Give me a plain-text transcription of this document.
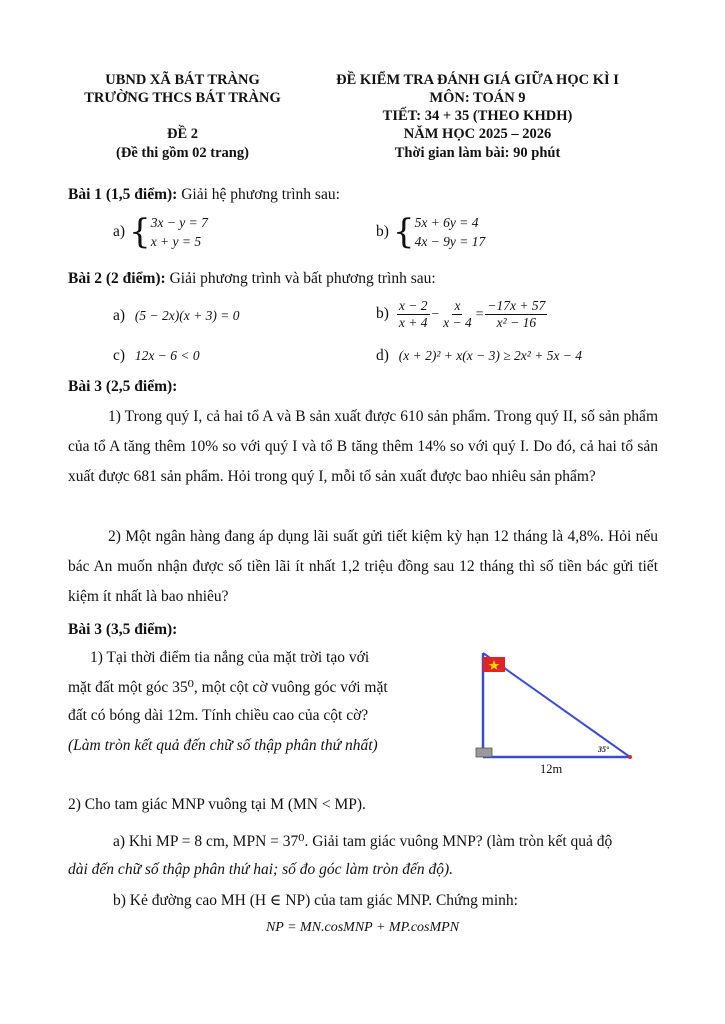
UBND XÃ BÁT TRÀNG
TRƯỜNG THCS BÁT TRÀNG
ĐỀ 2
(Đề thi gồm 02 trang)
ĐỀ KIỂM TRA ĐÁNH GIÁ GIỮA HỌC KÌ I
MÔN: TOÁN 9
TIẾT: 34 + 35 (THEO KHDH)
NĂM HỌC 2025 – 2026
Thời gian làm bài: 90 phút
Bài 1 (1,5 điểm): Giải hệ phương trình sau:
a) { 3x − y = 7
x + y = 5
b) { 5x + 6y = 4
4x − 9y = 17
Bài 2 (2 điểm): Giải phương trình và bất phương trình sau:
a) (5 − 2x)(x + 3) = 0	$b) \frac{x - 2}{x + 4} - \frac{x}{x - 4} = \frac{-17x + 57}{\text{x² − 16}}$
c) 12x − 6 < 0	d) (x + 2)² + x(x − 3) ≥ 2x² + 5x − 4
Bài 3 (2,5 điểm):
1) Trong quý I, cả hai tổ A và B sản xuất được 610 sản phẩm. Trong quý II, số sản phẩm của tổ A tăng thêm 10% so với quý I và tổ B tăng thêm 14% so với quý I. Do đó, cả hai tổ sản xuất được 681 sản phẩm. Hỏi trong quý I, mỗi tổ sản xuất được bao nhiêu sản phẩm?
2) Một ngân hàng đang áp dụng lãi suất gửi tiết kiệm kỳ hạn 12 tháng là 4,8%. Hỏi nếu bác An muốn nhận được số tiền lãi ít nhất 1,2 triệu đồng sau 12 tháng thì số tiền bác gửi tiết kiệm ít nhất là bao nhiêu?
Bài 3 (3,5 điểm):
1) Tại thời điểm tia nắng của mặt trời tạo với
mặt đất một góc 35⁰, một cột cờ vuông góc với mặt
đất có bóng dài 12m. Tính chiều cao của cột cờ?
(Làm tròn kết quả đến chữ số thập phân thứ nhất)	35°
12m
2) Cho tam giác MNP vuông tại M (MN < MP).
a) Khi MP = 8 cm, MPN = 37⁰. Giải tam giác vuông MNP? (làm tròn kết quả độ
dài đến chữ số thập phân thứ hai; số đo góc làm tròn đến độ).
b) Kẻ đường cao MH (H ∈ NP) của tam giác MNP. Chứng minh:
NP = MN.cosMNP + MP.cosMPN
